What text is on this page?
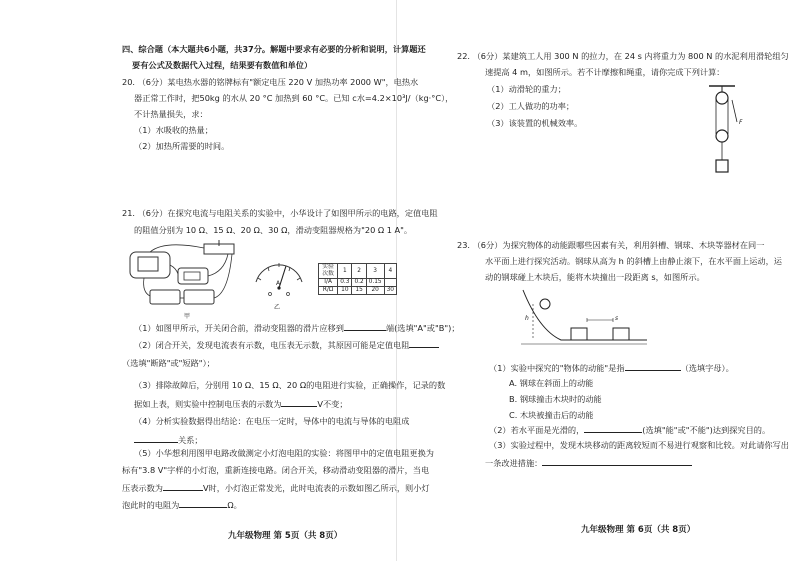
四、综合题（本大题共6小题，共37分。解题中要求有必要的分析和说明，计算题还
要有公式及数据代入过程，结果要有数值和单位）
20. （6分）某电热水器的铭牌标有"额定电压 220 V 加热功率 2000 W"，电热水
器正常工作时，把50kg 的水从 20 °C 加热到 60 °C。已知 c水=4.2×10³J/（kg·°C），
不计热量损失，求：
（1）水吸收的热量；
（2）加热所需要的时间。
21. （6分）在探究电流与电阻关系的实验中，小华设计了如图甲所示的电路，定值电阻
的阻值分别为 10 Ω、15 Ω、20 Ω、30 Ω，滑动变阻器规格为"20 Ω 1 A"。
甲
A
乙
实验次数	1	2	3	4
I/A	0.3	0.2	0.15	
R/Ω	10	15	20	30
（1）如图甲所示，开关闭合前，滑动变阻器的滑片应移到	端(选填"A"或"B")；
（2）闭合开关，发现电流表有示数，电压表无示数，其原因可能是定值电阻
（选填"断路"或"短路"）；
（3）排除故障后，分别用 10 Ω、15 Ω、20 Ω的电阻进行实验，正确操作，记录的数
据如上表，则实验中控制电压表的示数为	V不变；
（4）分析实验数据得出结论：在电压一定时，导体中的电流与导体的电阻成
关系；
（5）小华想利用图甲电路改做测定小灯泡电阻的实验：将图甲中的定值电阻更换为
标有"3.8 V"字样的小灯泡，重新连接电路。闭合开关，移动滑动变阻器的滑片，当电
压表示数为	V时，小灯泡正常发光，此时电流表的示数如图乙所示，则小灯
泡此时的电阻为	Ω。
九年级物理 第 5页（共 8页）
22. （6分）某建筑工人用 300 N 的拉力，在 24 s 内将重力为 800 N 的水泥利用滑轮组匀
速提高 4 m，如图所示。若不计摩擦和绳重，请你完成下列计算：
（1）动滑轮的重力；
（2）工人做功的功率；
（3）该装置的机械效率。	F
23. （6分）为探究物体的动能跟哪些因素有关，利用斜槽、钢球、木块等器材在同一
水平面上进行探究活动。钢球从高为 h 的斜槽上由静止滚下，在水平面上运动，运
动的钢球碰上木块后，能将木块撞出一段距离 s，如图所示。
h	s
（1）实验中探究的"物体的动能"是指	（选填字母）。
A. 钢球在斜面上的动能
B. 钢球撞击木块时的动能
C. 木块被撞击后的动能
（2）若水平面是光滑的，	(选填"能"或"不能")达到探究目的。
（3）实验过程中，发现木块移动的距离较短而不易进行观察和比较。对此请你写出
一条改进措施：
九年级物理 第 6页（共 8页）
